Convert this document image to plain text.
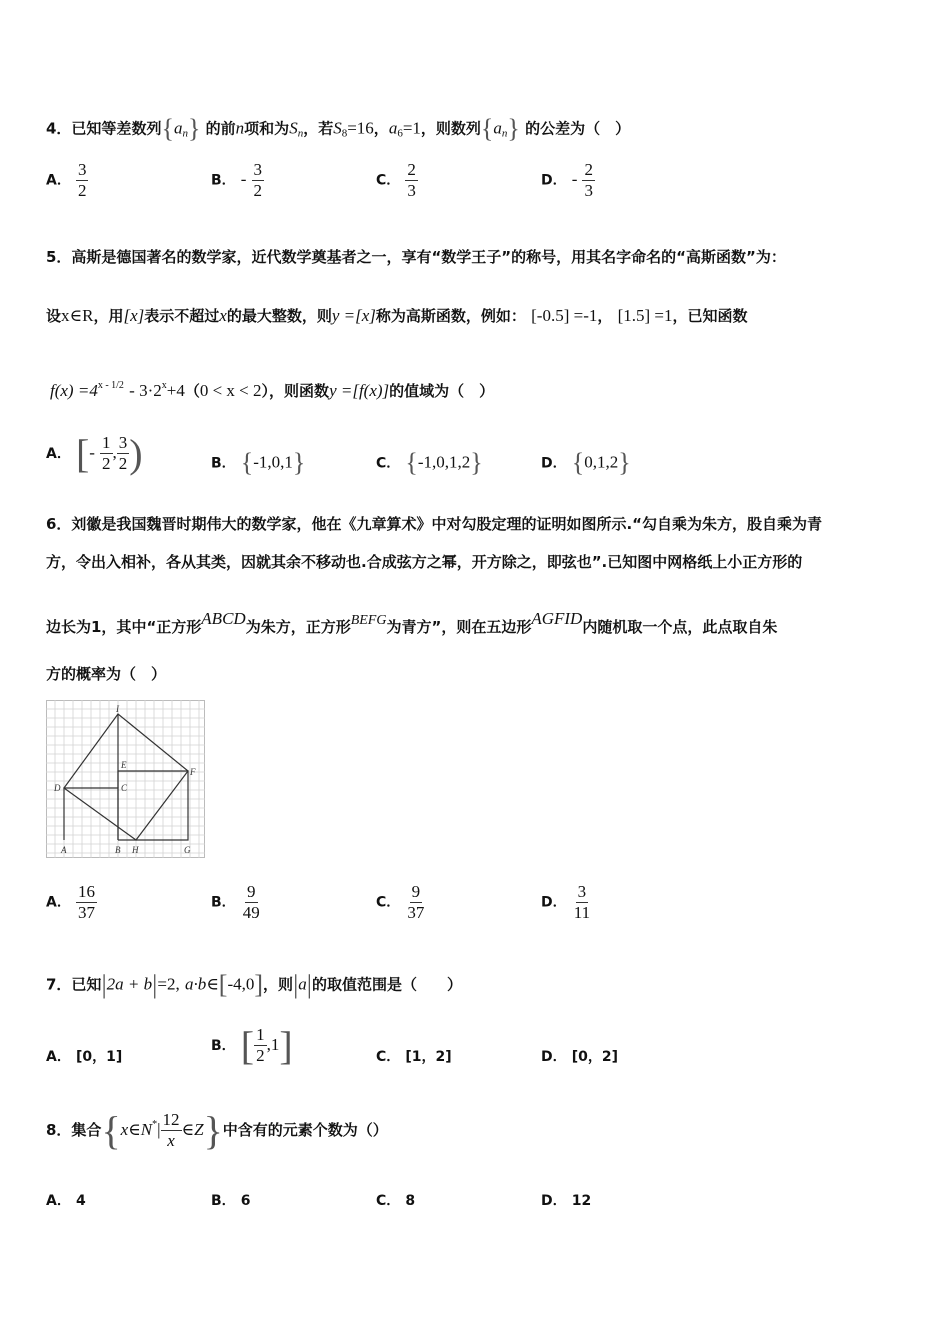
4．已知等差数列$\{a_n\}$ 的前n项和为$S_n$，若$S_8=16$，$a_6=1$，则数列$\{a_n\}$ 的公差为（　）
A． $\frac{3}{2}$	B． - $\frac{3}{2}$	C． $\frac{2}{3}$	D． - $\frac{2}{3}$
5．高斯是德国著名的数学家，近代数学奠基者之一，享有“数学王子”的称号，用其名字命名的“高斯函数”为：
设x∈R，用[x]表示不超过x的最大整数，则y =[x]称为高斯函数，例如： [-0.5] =-1， [1.5] =1，已知函数
$f(x) =4^{x - 1/2} - 3\cdot 2^x+4(0 < x < 2)$，则函数y =[f(x)]的值域为（　）
A． [- $\frac{1}{2}$ , $\frac{3}{2}$ )	B． {-1,0,1}	C． {-1,0,1,2}	D． {0,1,2}
6．刘徽是我国魏晋时期伟大的数学家，他在《九章算术》中对勾股定理的证明如图所示.“勾自乘为朱方，股自乘为青
方，令出入相补，各从其类，因就其余不移动也.合成弦方之幂，开方除之，即弦也”.已知图中网格纸上小正方形的
边长为1，其中“正方形ABCD为朱方，正方形BEFG为青方”，则在五边形AGFID内随机取一个点，此点取自朱
方的概率为（　）
I
E
F
D	C
A	B H	G
A． $\frac{16}{37}$	B． $\frac{9}{49}$	C． $\frac{9}{37}$	D． $\frac{3}{11}$
7．已知|2a + b|=2, a·b∈[-4,0]，则|a|的取值范围是（　　）
A． [0，1]
B． [ $\frac{1}{2} ,1$]	C． [1，2]	D． [0，2]
8．集合{x∈N*| $\frac{12}{x}$ ∈Z}中含有的元素个数为（）
A． 4	B． 6	C． 8	D． 12
